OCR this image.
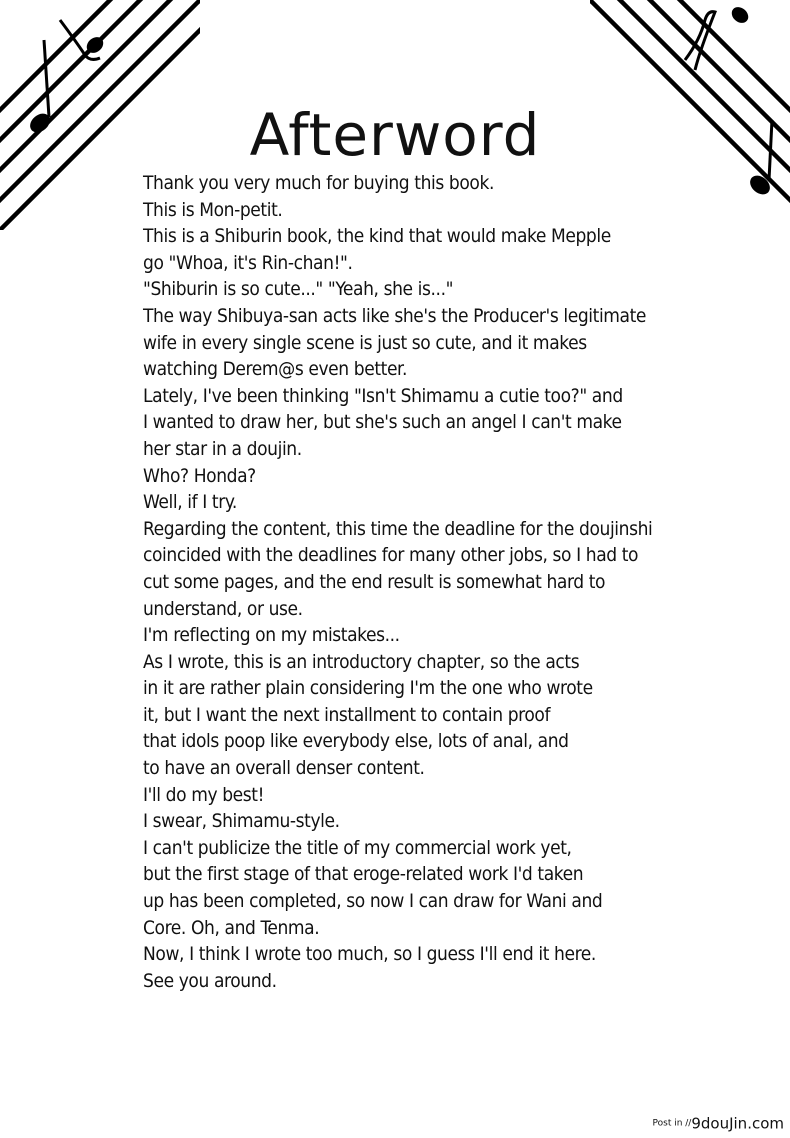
Afterword
Thank you very much for buying this book.
This is Mon-petit.
This is a Shiburin book, the kind that would make Mepple
go "Whoa, it's Rin-chan!".
"Shiburin is so cute..." "Yeah, she is..."
The way Shibuya-san acts like she's the Producer's legitimate
wife in every single scene is just so cute, and it makes
watching Derem@s even better.
Lately, I've been thinking "Isn't Shimamu a cutie too?" and
I wanted to draw her, but she's such an angel I can't make
her star in a doujin.
Who? Honda?
Well, if I try.
Regarding the content, this time the deadline for the doujinshi
coincided with the deadlines for many other jobs, so I had to
cut some pages, and the end result is somewhat hard to
understand, or use.
I'm reflecting on my mistakes...
As I wrote, this is an introductory chapter, so the acts
in it are rather plain considering I'm the one who wrote
it, but I want the next installment to contain proof
that idols poop like everybody else, lots of anal, and
to have an overall denser content.
I'll do my best!
I swear, Shimamu-style.
I can't publicize the title of my commercial work yet,
but the first stage of that eroge-related work I'd taken
up has been completed, so now I can draw for Wani and
Core. Oh, and Tenma.
Now, I think I wrote too much, so I guess I'll end it here.
See you around.
Post in //9douJin.com
